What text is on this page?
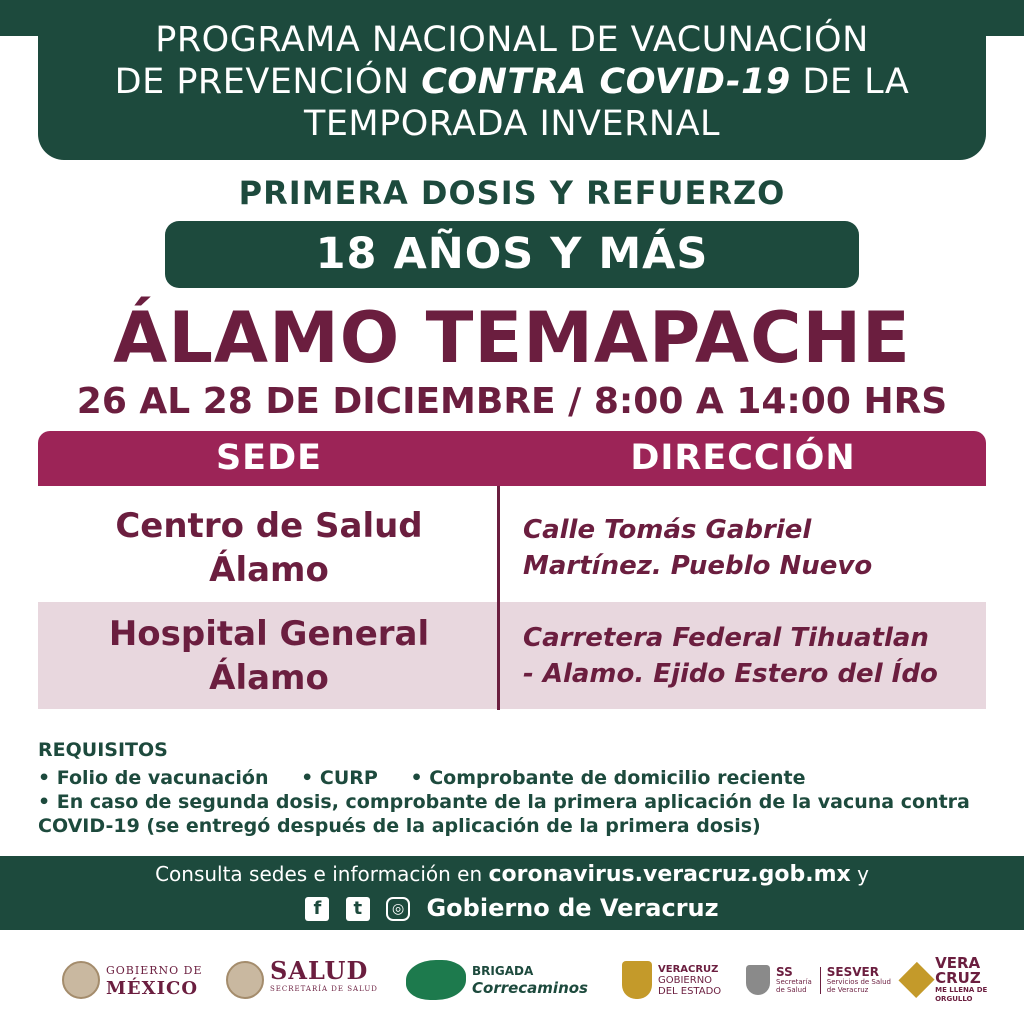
PROGRAMA NACIONAL DE VACUNACIÓN
DE PREVENCIÓN CONTRA COVID-19 DE LA
TEMPORADA INVERNAL
PRIMERA DOSIS Y REFUERZO
18 AÑOS Y MÁS
ÁLAMO TEMAPACHE
26 AL 28 DE DICIEMBRE / 8:00 A 14:00 HRS
SEDE	DIRECCIÓN
Centro de Salud
Álamo
Calle Tomás Gabriel
Martínez. Pueblo Nuevo
Hospital General
Álamo
Carretera Federal Tihuatlan
- Alamo. Ejido Estero del Ído
REQUISITOS
• Folio de vacunación • CURP • Comprobante de domicilio reciente
• En caso de segunda dosis, comprobante de la primera aplicación de la vacuna contra
COVID-19 (se entregó después de la aplicación de la primera dosis)
Consulta sedes e información en coronavirus.veracruz.gob.mx y
f t ◎ Gobierno de Veracruz
GOBIERNO DE
MÉXICO
SALUD
SECRETARÍA DE SALUD
BRIGADA
Correcaminos
VERACRUZ
GOBIERNO
DEL ESTADO
SS
Secretaría
de Salud
SESVER
Servicios de Salud
de Veracruz
VERA
CRUZ
ME LLENA DE ORGULLO
